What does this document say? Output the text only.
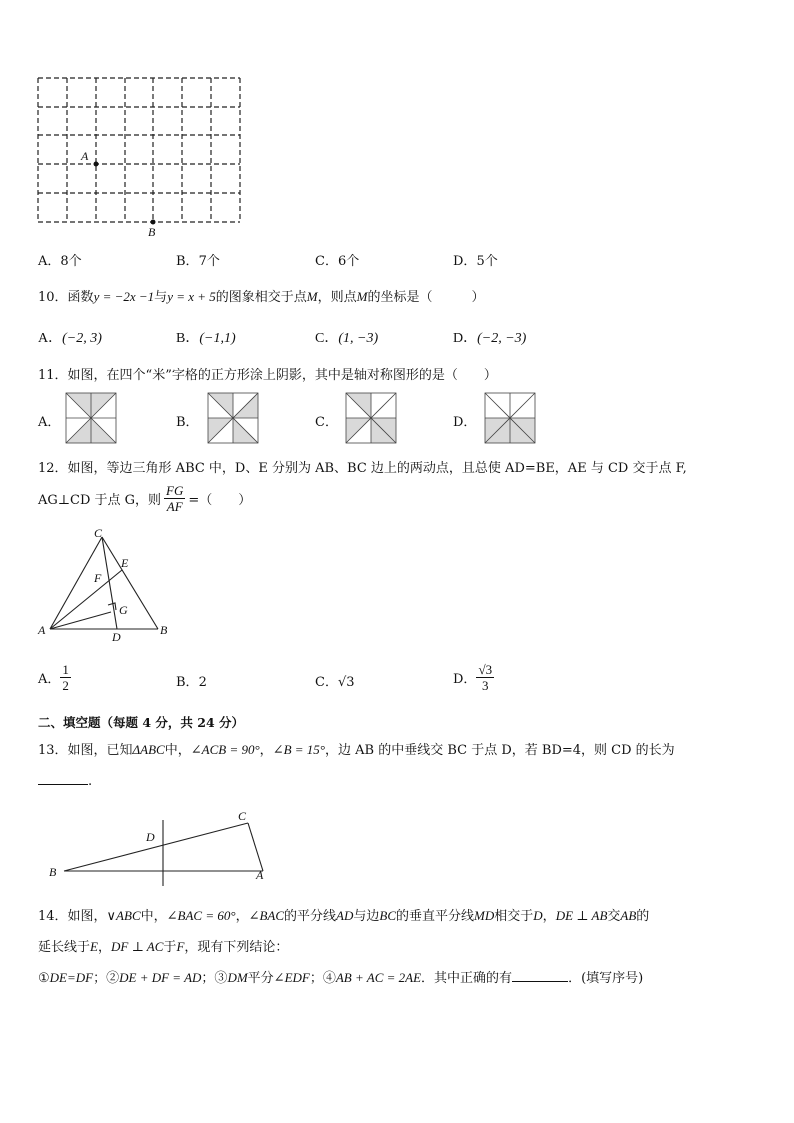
A
B
A．8个	B．7个	C．6个	D．5个
10．函数y = −2x −1与y = x + 5的图象相交于点M，则点M的坐标是（　　　）
A．(−2, 3)	B．(−1,1)	C．(1, −3)	D．(−2, −3)
11．如图，在四个“米”字格的正方形涂上阴影，其中是轴对称图形的是（　　）
A．	B．	C．	D．
12．如图，等边三角形 ABC 中，D、E 分别为 AB、BC 边上的两动点，且总使 AD=BE，AE 与 CD 交于点 F,
AG⊥CD 于点 G，则 $\frac{FG}{AF}$ =（　　）
C
E
F
G
A	D	B
A． $\frac{1}{2}$	B．2	C．√3	D． $\frac{√3}{3}$
二、填空题（每题 4 分，共 24 分）
13．如图，已知ΔABC中，∠ACB = 90°，∠B = 15°，边 AB 的中垂线交 BC 于点 D，若 BD=4，则 CD 的长为
.
B
D
C
A
14．如图，∨ABC中，∠BAC = 60°，∠BAC的平分线AD与边BC的垂直平分线MD相交于D，DE ⊥ AB交AB的
延长线于E，DF ⊥ AC于F，现有下列结论：
①DE=DF；②DE + DF = AD；③DM平分∠EDF；④AB + AC = 2AE．其中正确的有	．(填写序号)
